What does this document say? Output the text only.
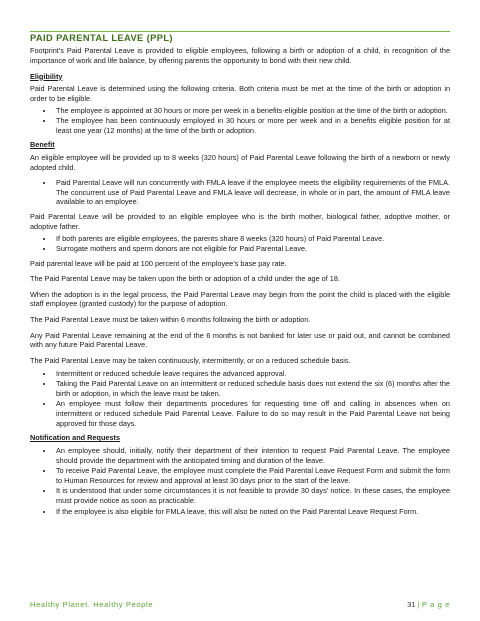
PAID PARENTAL LEAVE (PPL)
Footprint’s Paid Parental Leave is provided to eligible employees, following a birth or adoption of a child, in recognition of the importance of work and life balance, by offering parents the opportunity to bond with their new child.
Eligibility
Paid Parental Leave is determined using the following criteria. Both criteria must be met at the time of the birth or adoption in order to be eligible.
• The employee is appointed at 30 hours or more per week in a benefits-eligible position at the time of the birth or adoption.
• The employee has been continuously employed in 30 hours or more per week and in a benefits eligible position for at least one year (12 months) at the time of the birth or adoption.
Benefit
An eligible employee will be provided up to 8 weeks (320 hours) of Paid Parental Leave following the birth of a newborn or newly adopted child.
• Paid Parental Leave will run concurrently with FMLA leave if the employee meets the eligibility requirements of the FMLA. The concurrent use of Paid Parental Leave and FMLA leave will decrease, in whole or in part, the amount of FMLA leave available to an employee.
Paid Parental Leave will be provided to an eligible employee who is the birth mother, biological father, adoptive mother, or adoptive father.
• If both parents are eligible employees, the parents share 8 weeks (320 hours) of Paid Parental Leave.
• Surrogate mothers and sperm donors are not eligible for Paid Parental Leave.
Paid parental leave will be paid at 100 percent of the employee’s base pay rate.
The Paid Parental Leave may be taken upon the birth or adoption of a child under the age of 18.
When the adoption is in the legal process, the Paid Parental Leave may begin from the point the child is placed with the eligible staff employee (granted custody) for the purpose of adoption.
The Paid Parental Leave must be taken within 6 months following the birth or adoption.
Any Paid Parental Leave remaining at the end of the 6 months is not banked for later use or paid out, and cannot be combined with any future Paid Parental Leave.
The Paid Parental Leave may be taken continuously, intermittently, or on a reduced schedule basis.
• Intermittent or reduced schedule leave requires the advanced approval.
• Taking the Paid Parental Leave on an intermittent or reduced schedule basis does not extend the six (6) months after the birth or adoption, in which the leave must be taken.
• An employee must follow their departments procedures for requesting time off and calling in absences when on intermittent or reduced schedule Paid Parental Leave. Failure to do so may result in the Paid Parental Leave not being approved for those days.
Notification and Requests
• An employee should, initially, notify their department of their intention to request Paid Parental Leave. The employee should provide the department with the anticipated timing and duration of the leave.
• To receive Paid Parental Leave, the employee must complete the Paid Parental Leave Request Form and submit the form to Human Resources for review and approval at least 30 days prior to the start of the leave.
• It is understood that under some circumstances it is not feasible to provide 30 days’ notice. In these cases, the employee must provide notice as soon as practicable.
• If the employee is also eligible for FMLA leave, this will also be noted on the Paid Parental Leave Request Form.
Healthy Planet. Healthy People	31 | P a g e
